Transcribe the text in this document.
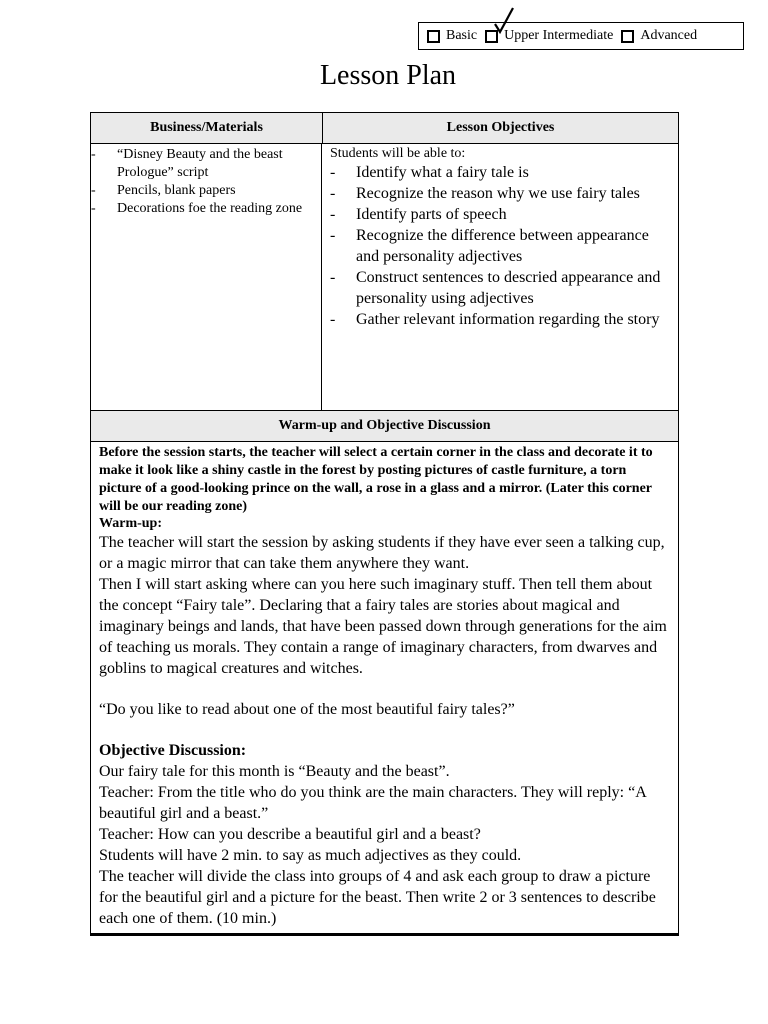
Basic Upper Intermediate Advanced
Lesson Plan
Business/Materials	Lesson Objectives
- “Disney Beauty and the beast Prologue” script
- Pencils, blank papers
- Decorations foe the reading zone
Students will be able to:
- Identify what a fairy tale is
- Recognize the reason why we use fairy tales
- Identify parts of speech
- Recognize the difference between appearance and personality adjectives
- Construct sentences to descried appearance and personality using adjectives
- Gather relevant information regarding the story
Warm-up and Objective Discussion
Before the session starts, the teacher will select a certain corner in the class and decorate it to make it look like a shiny castle in the forest by posting pictures of castle furniture, a torn picture of a good-looking prince on the wall, a rose in a glass and a mirror. (Later this corner will be our reading zone)
Warm-up:

The teacher will start the session by asking students if they have ever seen a talking cup, or a magic mirror that can take them anywhere they want.

Then I will start asking where can you here such imaginary stuff. Then tell them about the concept “Fairy tale”. Declaring that a fairy tales are stories about magical and imaginary beings and lands, that have been passed down through generations for the aim of teaching us morals. They contain a range of imaginary characters, from dwarves and goblins to magical creatures and witches.

“Do you like to read about one of the most beautiful fairy tales?”

Objective Discussion:

Our fairy tale for this month is “Beauty and the beast”.

Teacher: From the title who do you think are the main characters. They will reply: “A beautiful girl and a beast.”

Teacher: How can you describe a beautiful girl and a beast?

Students will have 2 min. to say as much adjectives as they could.

The teacher will divide the class into groups of 4 and ask each group to draw a picture for the beautiful girl and a picture for the beast. Then write 2 or 3 sentences to describe each one of them. (10 min.)
